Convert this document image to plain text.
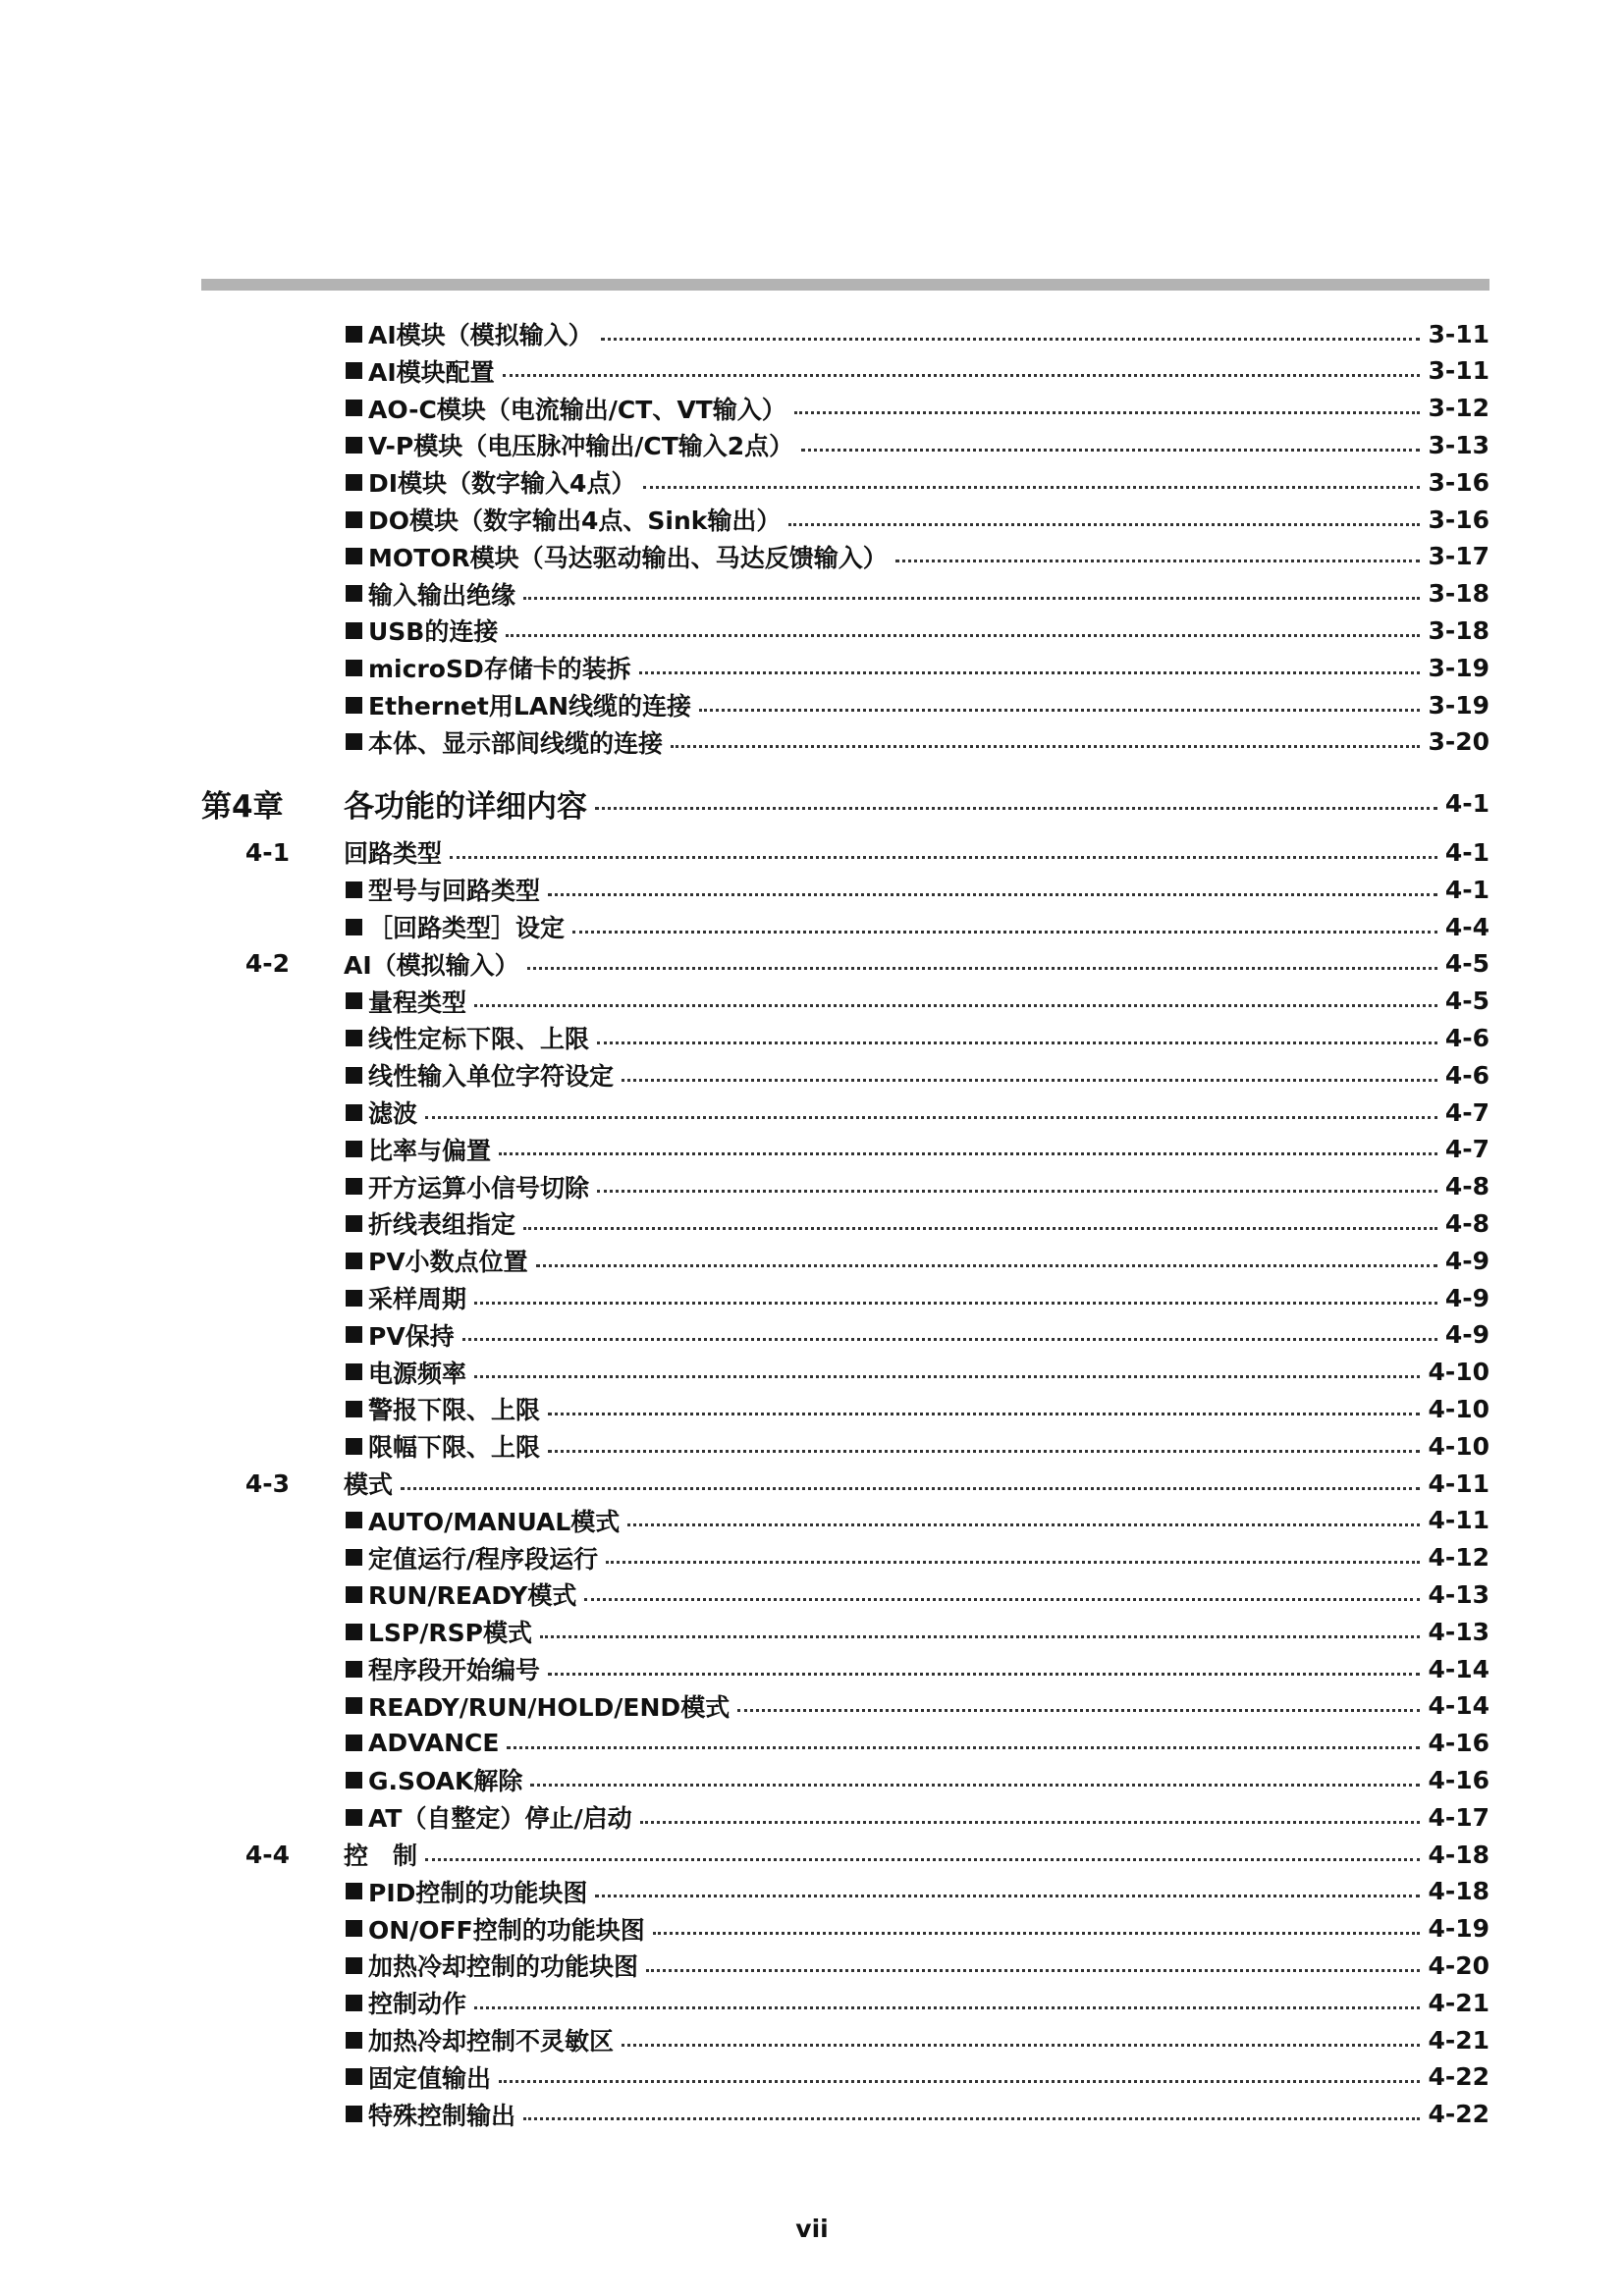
AI模块（模拟输入）	3-11
AI模块配置	3-11
AO-C模块（电流输出/CT、VT输入）	3-12
V-P模块（电压脉冲输出/CT输入2点）	3-13
DI模块（数字输入4点）	3-16
DO模块（数字输出4点、Sink输出）	3-16
MOTOR模块（马达驱动输出、马达反馈输入）	3-17
输入输出绝缘	3-18
USB的连接	3-18
microSD存储卡的装拆	3-19
Ethernet用LAN线缆的连接	3-19
本体、显示部间线缆的连接	3-20
第4章 各功能的详细内容	4-1
4-1 回路类型	4-1
型号与回路类型	4-1
［回路类型］设定	4-4
4-2 AI（模拟输入）	4-5
量程类型	4-5
线性定标下限、上限	4-6
线性输入单位字符设定	4-6
滤波	4-7
比率与偏置	4-7
开方运算小信号切除	4-8
折线表组指定	4-8
PV小数点位置	4-9
采样周期	4-9
PV保持	4-9
电源频率	4-10
警报下限、上限	4-10
限幅下限、上限	4-10
4-3 模式	4-11
AUTO/MANUAL模式	4-11
定值运行/程序段运行	4-12
RUN/READY模式	4-13
LSP/RSP模式	4-13
程序段开始编号	4-14
READY/RUN/HOLD/END模式	4-14
ADVANCE	4-16
G.SOAK解除	4-16
AT（自整定）停止/启动	4-17
4-4 控　制	4-18
PID控制的功能块图	4-18
ON/OFF控制的功能块图	4-19
加热冷却控制的功能块图	4-20
控制动作	4-21
加热冷却控制不灵敏区	4-21
固定值输出	4-22
特殊控制输出	4-22
vii
